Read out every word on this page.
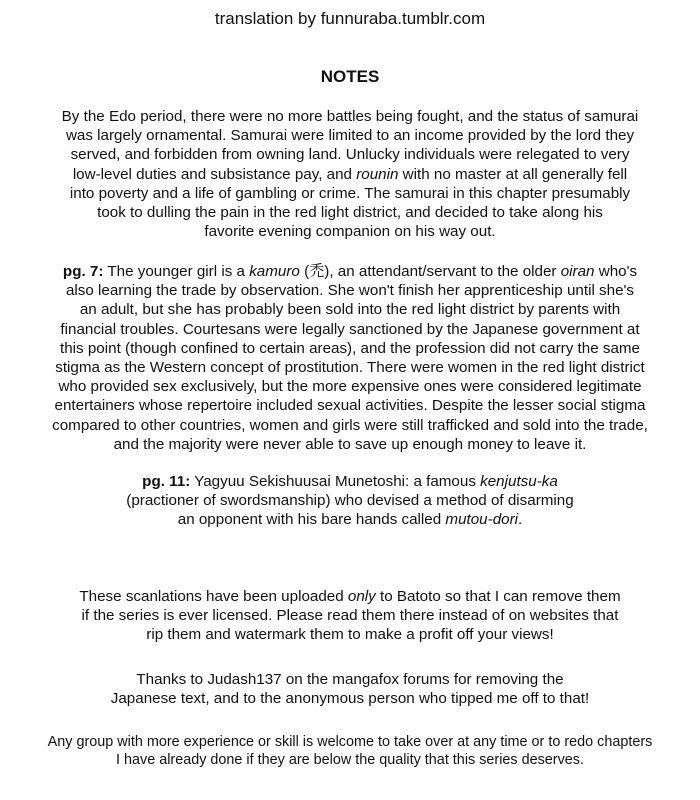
translation by funnuraba.tumblr.com
NOTES
By the Edo period, there were no more battles being fought, and the status of samurai
was largely ornamental. Samurai were limited to an income provided by the lord they
served, and forbidden from owning land. Unlucky individuals were relegated to very
low-level duties and subsistance pay, and rounin with no master at all generally fell
into poverty and a life of gambling or crime. The samurai in this chapter presumably
took to dulling the pain in the red light district, and decided to take along his
favorite evening companion on his way out.
pg. 7: The younger girl is a kamuro (禿), an attendant/servant to the older oiran who's
also learning the trade by observation. She won't finish her apprenticeship until she's
an adult, but she has probably been sold into the red light district by parents with
financial troubles. Courtesans were legally sanctioned by the Japanese government at
this point (though confined to certain areas), and the profession did not carry the same
stigma as the Western concept of prostitution. There were women in the red light district
who provided sex exclusively, but the more expensive ones were considered legitimate
entertainers whose repertoire included sexual activities. Despite the lesser social stigma
compared to other countries, women and girls were still trafficked and sold into the trade,
and the majority were never able to save up enough money to leave it.
pg. 11: Yagyuu Sekishuusai Munetoshi: a famous kenjutsu-ka
(practioner of swordsmanship) who devised a method of disarming
an opponent with his bare hands called mutou-dori.
These scanlations have been uploaded only to Batoto so that I can remove them
if the series is ever licensed. Please read them there instead of on websites that
rip them and watermark them to make a profit off your views!
Thanks to Judash137 on the mangafox forums for removing the
Japanese text, and to the anonymous person who tipped me off to that!
Any group with more experience or skill is welcome to take over at any time or to redo chapters
I have already done if they are below the quality that this series deserves.
